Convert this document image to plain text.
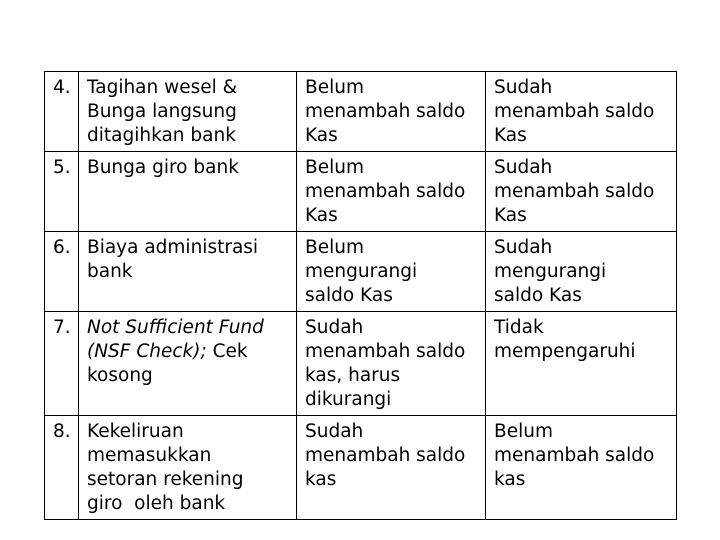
4.	Tagihan wesel &
Bunga langsung
ditagihkan bank	Belum
menambah saldo
Kas	Sudah
menambah saldo
Kas

5.	Bunga giro bank	Belum
menambah saldo
Kas	Sudah
menambah saldo
Kas

6.	Biaya administrasi
bank	Belum
mengurangi
saldo Kas	Sudah
mengurangi
saldo Kas

7.	Not Sufficient Fund
(NSF Check); Cek
kosong	Sudah
menambah saldo
kas, harus
dikurangi	Tidak
mempengaruhi

8.	Kekeliruan
memasukkan
setoran rekening
giro  oleh bank	Sudah
menambah saldo
kas	Belum
menambah saldo
kas
